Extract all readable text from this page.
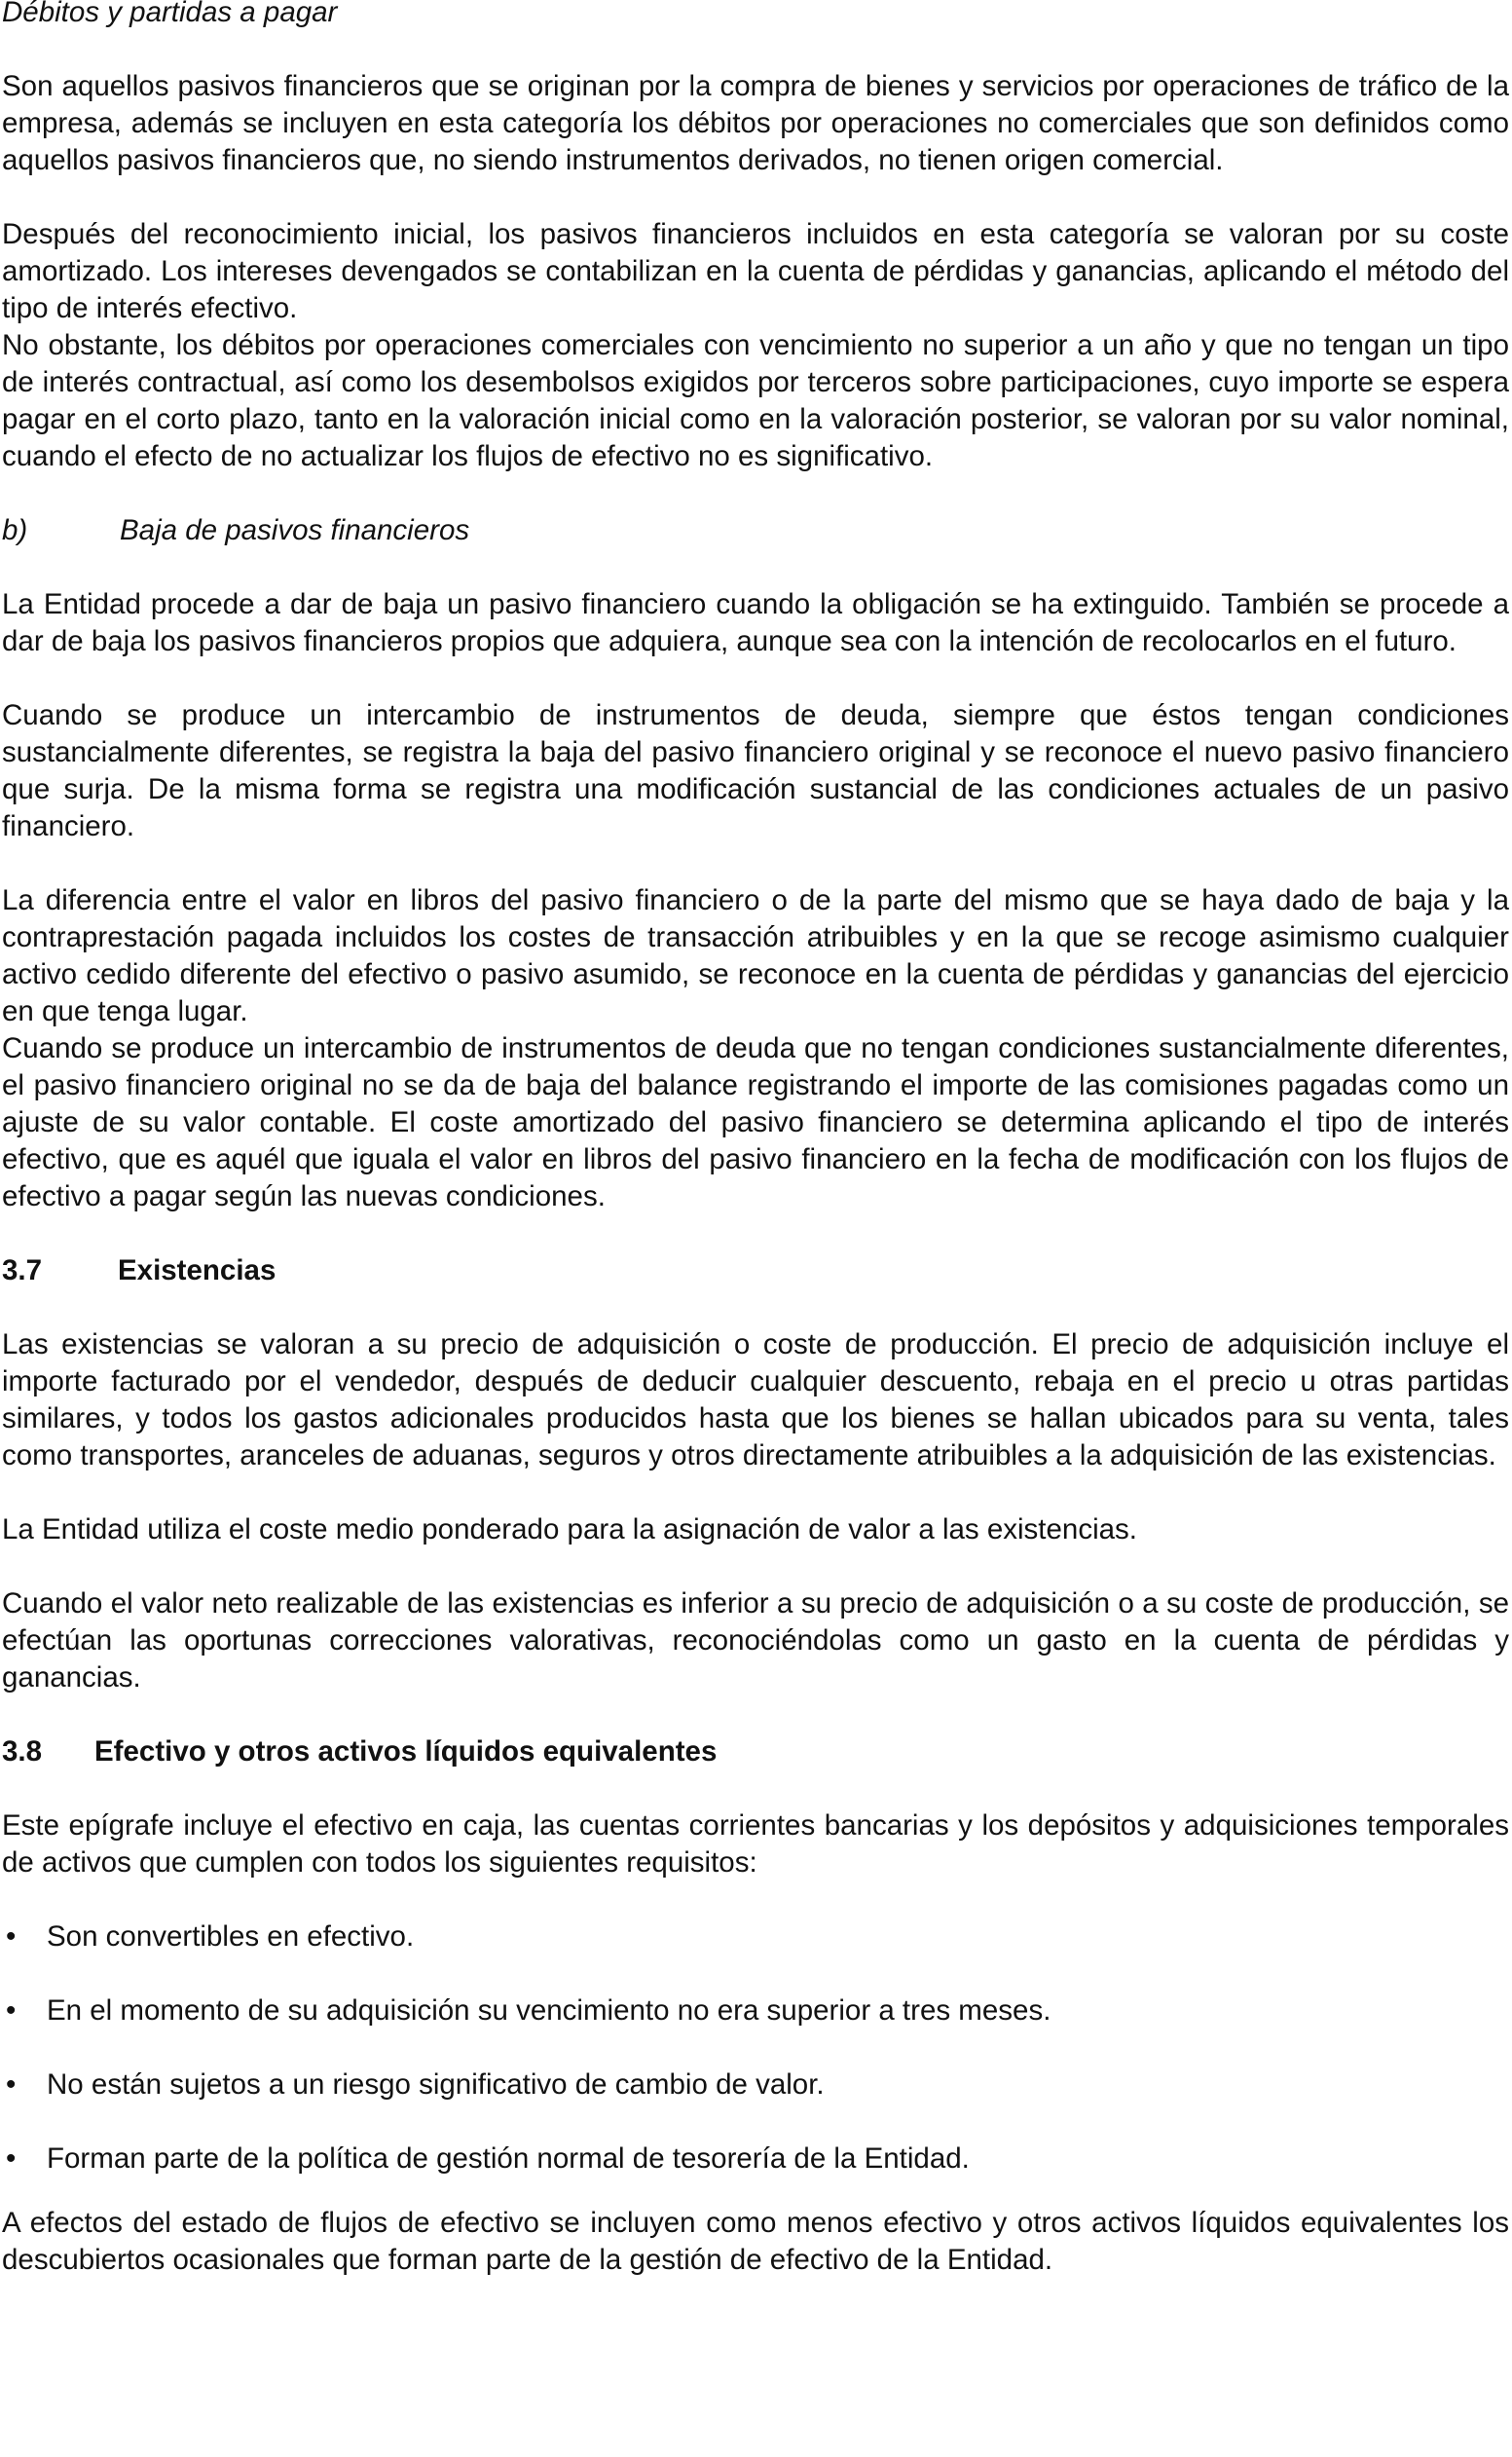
Débitos y partidas a pagar

Son aquellos pasivos financieros que se originan por la compra de bienes y servicios por operaciones de tráfico de la empresa, además se incluyen en esta categoría los débitos por operaciones no comerciales que son definidos como aquellos pasivos financieros que, no siendo instrumentos derivados, no tienen origen comercial.

Después del reconocimiento inicial, los pasivos financieros incluidos en esta categoría se valoran por su coste amortizado. Los intereses devengados se contabilizan en la cuenta de pérdidas y ganancias, aplicando el método del tipo de interés efectivo.

No obstante, los débitos por operaciones comerciales con vencimiento no superior a un año y que no tengan un tipo de interés contractual, así como los desembolsos exigidos por terceros sobre participaciones, cuyo importe se espera pagar en el corto plazo, tanto en la valoración inicial como en la valoración posterior, se valoran por su valor nominal, cuando el efecto de no actualizar los flujos de efectivo no es significativo.

b)	Baja de pasivos financieros

La Entidad procede a dar de baja un pasivo financiero cuando la obligación se ha extinguido. También se procede a dar de baja los pasivos financieros propios que adquiera, aunque sea con la intención de recolocarlos en el futuro.

Cuando se produce un intercambio de instrumentos de deuda, siempre que éstos tengan condiciones sustancialmente diferentes, se registra la baja del pasivo financiero original y se reconoce el nuevo pasivo financiero que surja. De la misma forma se registra una modificación sustancial de las condiciones actuales de un pasivo financiero.

La diferencia entre el valor en libros del pasivo financiero o de la parte del mismo que se haya dado de baja y la contraprestación pagada incluidos los costes de transacción atribuibles y en la que se recoge asimismo cualquier activo cedido diferente del efectivo o pasivo asumido, se reconoce en la cuenta de pérdidas y ganancias del ejercicio en que tenga lugar.

Cuando se produce un intercambio de instrumentos de deuda que no tengan condiciones sustancialmente diferentes, el pasivo financiero original no se da de baja del balance registrando el importe de las comisiones pagadas como un ajuste de su valor contable. El coste amortizado del pasivo financiero se determina aplicando el tipo de interés efectivo, que es aquél que iguala el valor en libros del pasivo financiero en la fecha de modificación con los flujos de efectivo a pagar según las nuevas condiciones.

3.7	Existencias

Las existencias se valoran a su precio de adquisición o coste de producción. El precio de adquisición incluye el importe facturado por el vendedor, después de deducir cualquier descuento, rebaja en el precio u otras partidas similares, y todos los gastos adicionales producidos hasta que los bienes se hallan ubicados para su venta, tales como transportes, aranceles de aduanas, seguros y otros directamente atribuibles a la adquisición de las existencias.

La Entidad utiliza el coste medio ponderado para la asignación de valor a las existencias.

Cuando el valor neto realizable de las existencias es inferior a su precio de adquisición o a su coste de producción, se efectúan las oportunas correcciones valorativas, reconociéndolas como un gasto en la cuenta de pérdidas y ganancias.

3.8	Efectivo y otros activos líquidos equivalentes

Este epígrafe incluye el efectivo en caja, las cuentas corrientes bancarias y los depósitos y adquisiciones temporales de activos que cumplen con todos los siguientes requisitos:

•	Son convertibles en efectivo.
•	En el momento de su adquisición su vencimiento no era superior a tres meses.
•	No están sujetos a un riesgo significativo de cambio de valor.
•	Forman parte de la política de gestión normal de tesorería de la Entidad.

A efectos del estado de flujos de efectivo se incluyen como menos efectivo y otros activos líquidos equivalentes los descubiertos ocasionales que forman parte de la gestión de efectivo de la Entidad.
